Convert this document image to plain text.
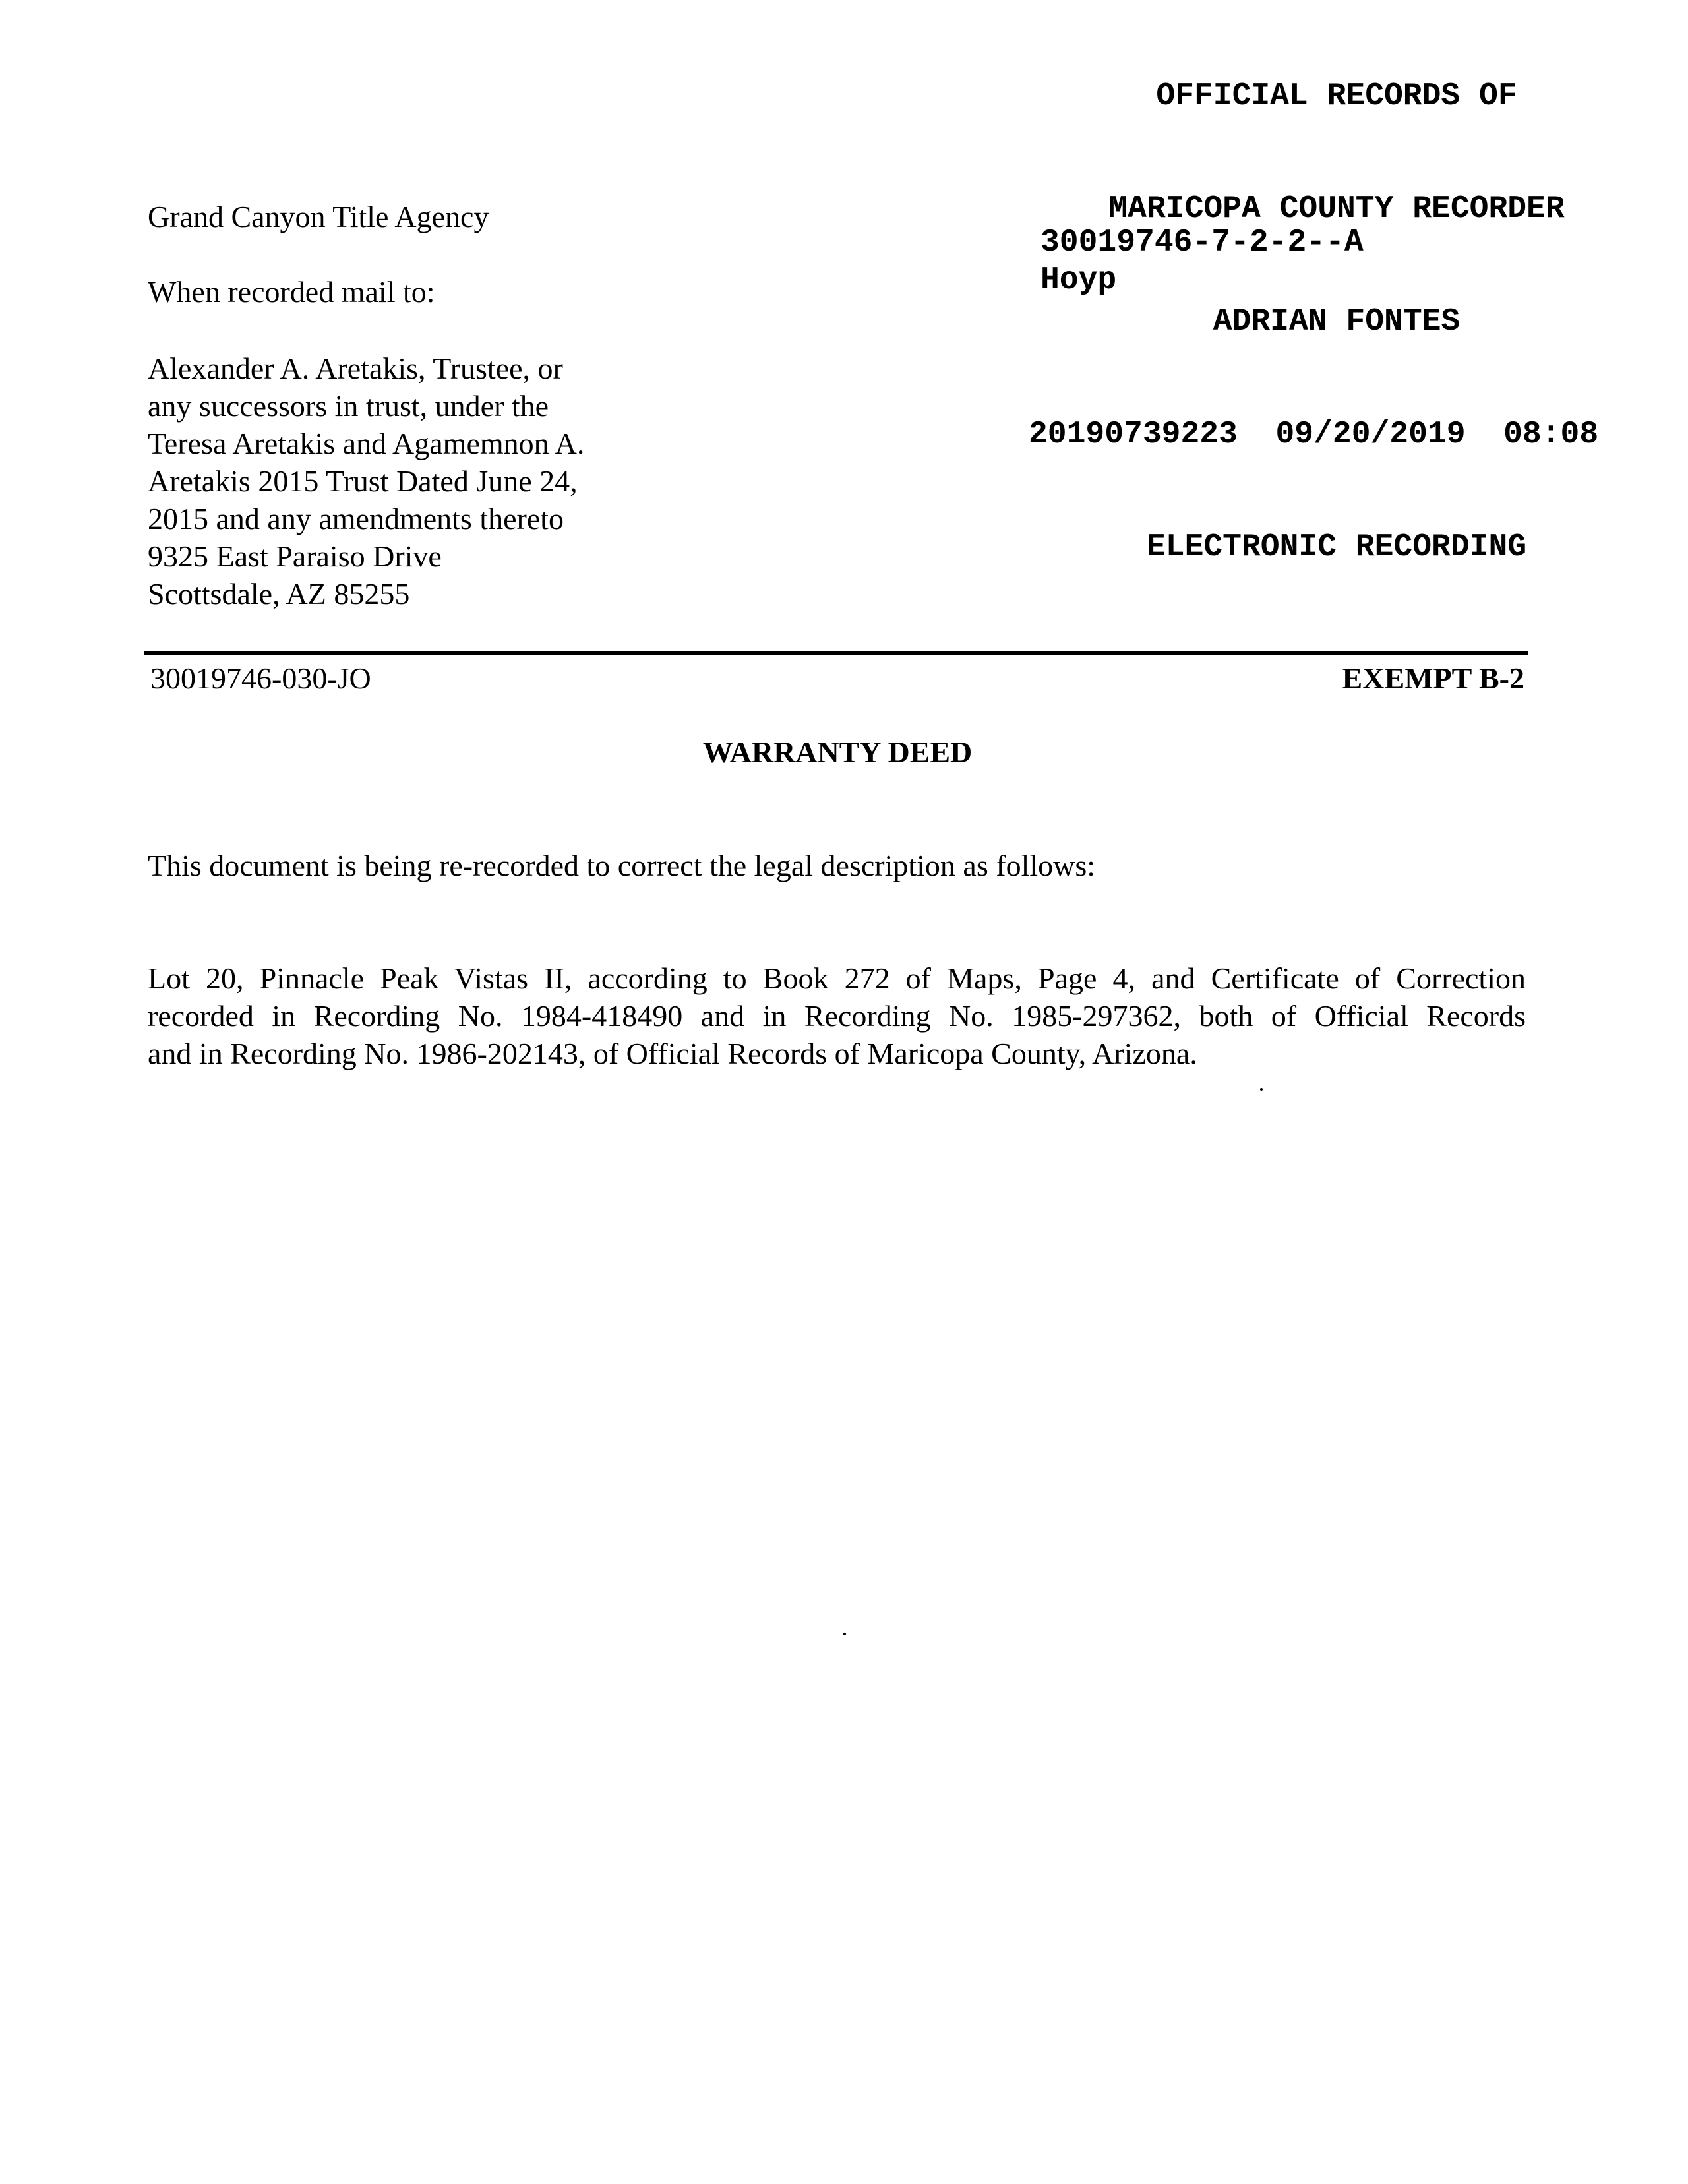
OFFICIAL RECORDS OF

MARICOPA COUNTY RECORDER

ADRIAN FONTES

20190739223 09/20/2019 08:08

ELECTRONIC RECORDING

30019746-7-2-2--A
Hoyp
Grand Canyon Title Agency
When recorded mail to:
Alexander A. Aretakis, Trustee, or
any successors in trust, under the
Teresa Aretakis and Agamemnon A.
Aretakis 2015 Trust Dated June 24,
2015 and any amendments thereto
9325 East Paraiso Drive
Scottsdale, AZ 85255
30019746-030-JO	EXEMPT B-2
WARRANTY DEED
This document is being re-recorded to correct the legal description as follows:
Lot 20, Pinnacle Peak Vistas II, according to Book 272 of Maps, Page 4, and Certificate of Correction
recorded in Recording No. 1984-418490 and in Recording No. 1985-297362, both of Official Records
and in Recording No. 1986-202143, of Official Records of Maricopa County, Arizona.
